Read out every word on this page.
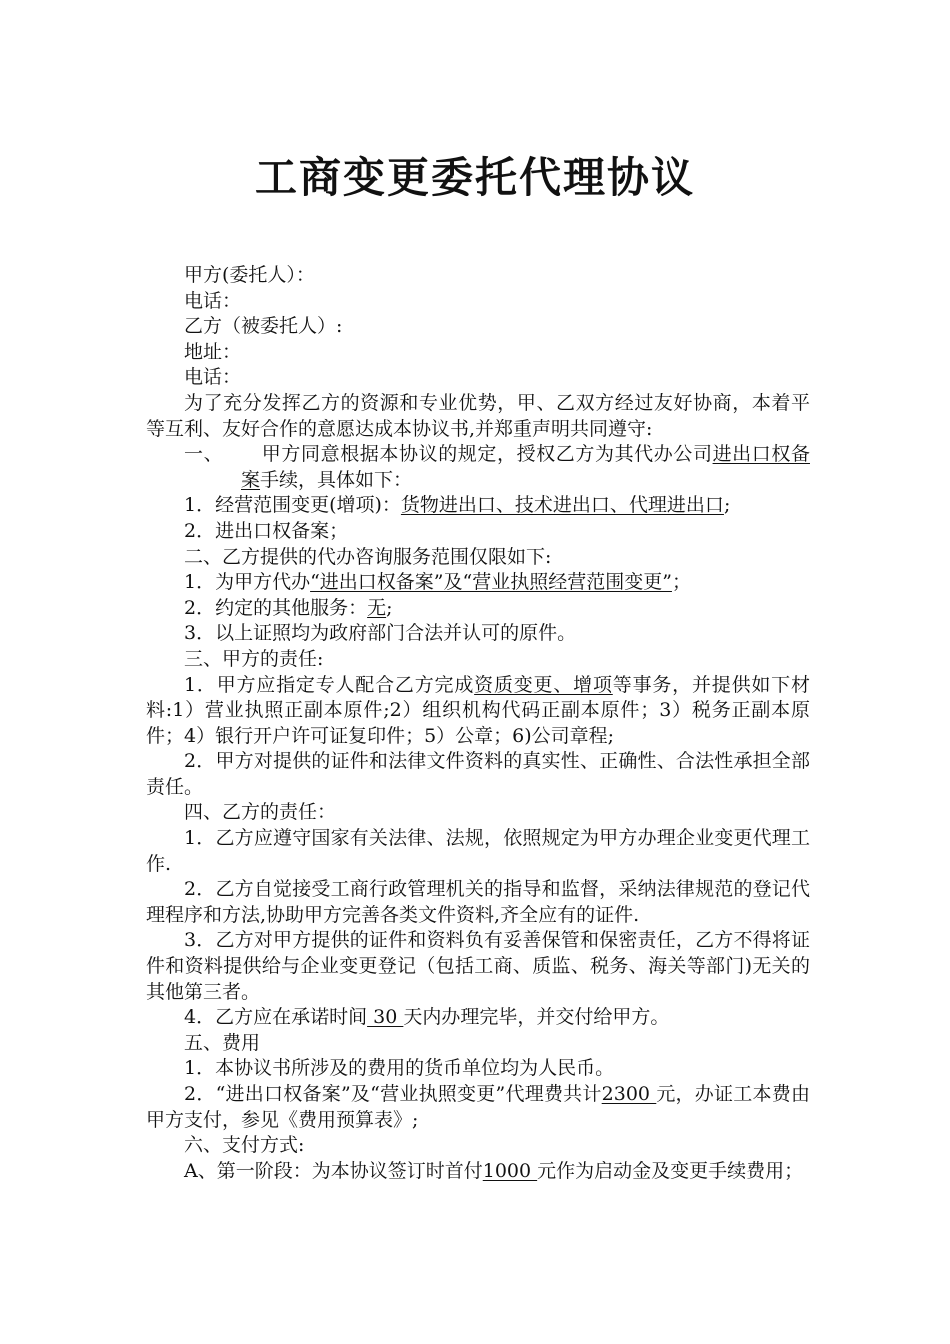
工商变更委托代理协议

甲方(委托人）：

电话：

乙方（被委托人）:

地址：

电话：

为了充分发挥乙方的资源和专业优势，甲、乙双方经过友好协商，本着平等互利、友好合作的意愿达成本协议书,并郑重声明共同遵守:

一、 甲方同意根据本协议的规定，授权乙方为其代办公司进出口权备案手续，具体如下：

1．经营范围变更(增项)：货物进出口、技术进出口、代理进出口;

2．进出口权备案；

二、乙方提供的代办咨询服务范围仅限如下:

1．为甲方代办“进出口权备案”及“营业执照经营范围变更”；

2．约定的其他服务：无;

3．以上证照均为政府部门合法并认可的原件。

三、甲方的责任:

1．甲方应指定专人配合乙方完成资质变更、增项等事务，并提供如下材料:1）营业执照正副本原件;2）组织机构代码正副本原件；3）税务正副本原件；4）银行开户许可证复印件；5）公章；6)公司章程;

2．甲方对提供的证件和法律文件资料的真实性、正确性、合法性承担全部责任。

四、乙方的责任：

1．乙方应遵守国家有关法律、法规，依照规定为甲方办理企业变更代理工作.

2．乙方自觉接受工商行政管理机关的指导和监督，采纳法律规范的登记代理程序和方法,协助甲方完善各类文件资料,齐全应有的证件.

3．乙方对甲方提供的证件和资料负有妥善保管和保密责任，乙方不得将证件和资料提供给与企业变更登记（包括工商、质监、税务、海关等部门)无关的其他第三者。

4．乙方应在承诺时间 30 天内办理完毕，并交付给甲方。

五、费用

1．本协议书所涉及的费用的货币单位均为人民币。

2．“进出口权备案”及“营业执照变更”代理费共计2300 元，办证工本费由甲方支付，参见《费用预算表》;

六、支付方式:

A、第一阶段：为本协议签订时首付1000 元作为启动金及变更手续费用；
